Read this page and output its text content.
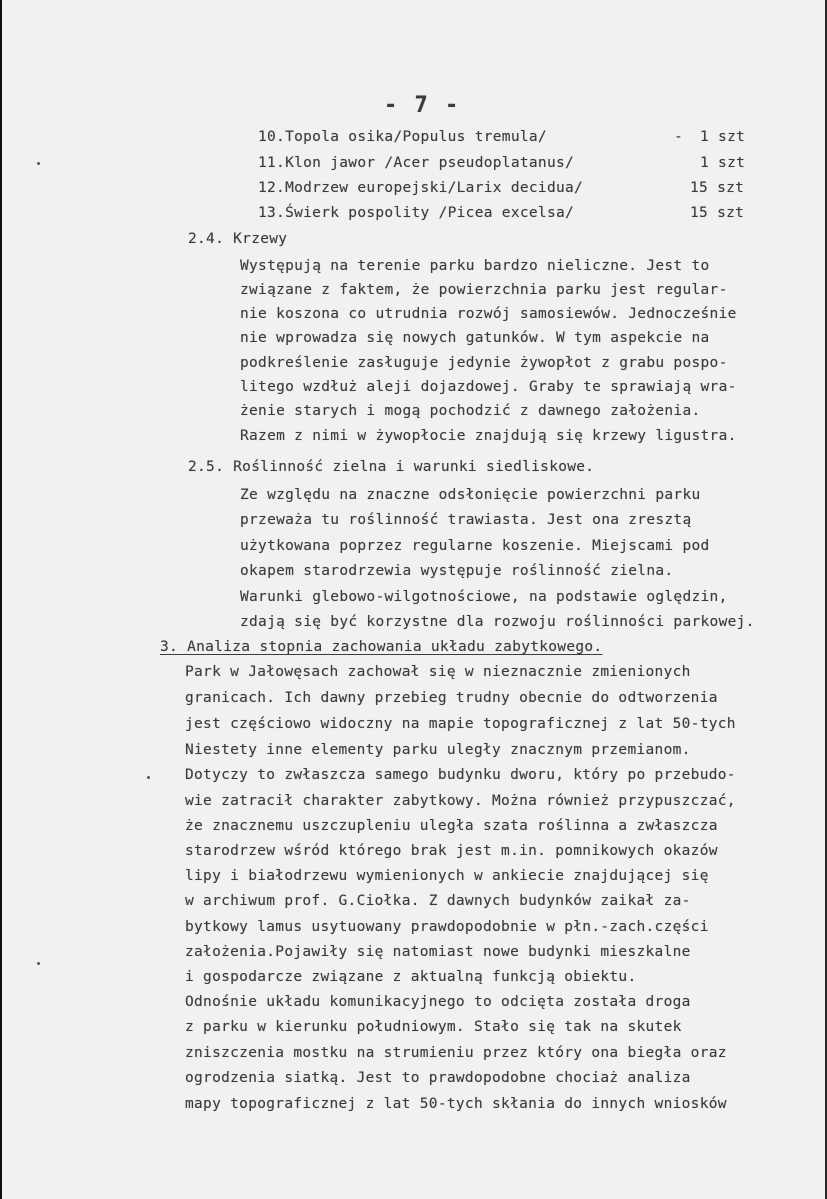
- 7 -

10.Topola osika/Populus tremula/	- 1 szt

11.Klon jawor /Acer pseudoplatanus/	1 szt

12.Modrzew europejski/Larix decidua/	15 szt

13.Świerk pospolity /Picea excelsa/	15 szt

2.4. Krzewy

Występują na terenie parku bardzo nieliczne. Jest to

związane z faktem, że powierzchnia parku jest regular-

nie koszona co utrudnia rozwój samosiewów. Jednocześnie

nie wprowadza się nowych gatunków. W tym aspekcie na

podkreślenie zasługuje jedynie żywopłot z grabu pospo-

litego wzdłuż aleji dojazdowej. Graby te sprawiają wra-

żenie starych i mogą pochodzić z dawnego założenia.

Razem z nimi w żywopłocie znajdują się krzewy ligustra.

2.5. Roślinność zielna i warunki siedliskowe.

Ze względu na znaczne odsłonięcie powierzchni parku

przeważa tu roślinność trawiasta. Jest ona zresztą

użytkowana poprzez regularne koszenie. Miejscami pod

okapem starodrzewia występuje roślinność zielna.

Warunki glebowo-wilgotnościowe, na podstawie oględzin,

zdają się być korzystne dla rozwoju roślinności parkowej.

3. Analiza stopnia zachowania układu zabytkowego.

Park w Jałowęsach zachował się w nieznacznie zmienionych

granicach. Ich dawny przebieg trudny obecnie do odtworzenia

jest częściowo widoczny na mapie topograficznej z lat 50-tych

Niestety inne elementy parku uległy znacznym przemianom.

Dotyczy to zwłaszcza samego budynku dworu, który po przebudo-

wie zatracił charakter zabytkowy. Można również przypuszczać,

że znacznemu uszczupleniu uległa szata roślinna a zwłaszcza

starodrzew wśród którego brak jest m.in. pomnikowych okazów

lipy i białodrzewu wymienionych w ankiecie znajdującej się

w archiwum prof. G.Ciołka. Z dawnych budynków zaikał za-

bytkowy lamus usytuowany prawdopodobnie w płn.-zach.części

założenia.Pojawiły się natomiast nowe budynki mieszkalne

i gospodarcze związane z aktualną funkcją obiektu.

Odnośnie układu komunikacyjnego to odcięta została droga

z parku w kierunku południowym. Stało się tak na skutek

zniszczenia mostku na strumieniu przez który ona biegła oraz

ogrodzenia siatką. Jest to prawdopodobne chociaż analiza

mapy topograficznej z lat 50-tych skłania do innych wniosków
